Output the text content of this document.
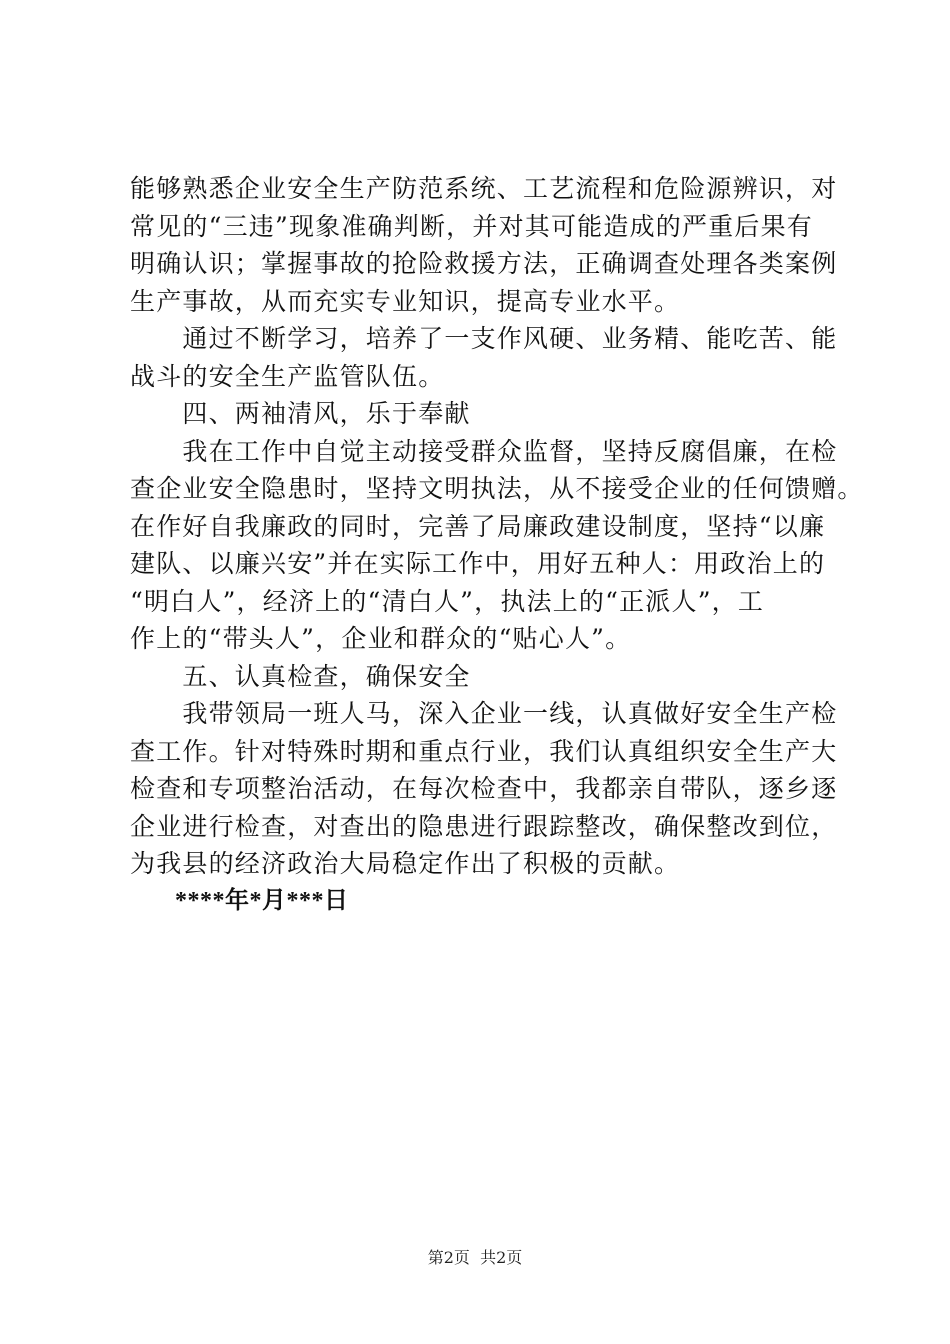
能够熟悉企业安全生产防范系统、工艺流程和危险源辨识，对
常见的“三违”现象准确判断，并对其可能造成的严重后果有
明确认识；掌握事故的抢险救援方法，正确调查处理各类案例
生产事故，从而充实专业知识，提高专业水平。
　　通过不断学习，培养了一支作风硬、业务精、能吃苦、能
战斗的安全生产监管队伍。
　　四、两袖清风，乐于奉献
　　我在工作中自觉主动接受群众监督，坚持反腐倡廉，在检
查企业安全隐患时，坚持文明执法，从不接受企业的任何馈赠。
在作好自我廉政的同时，完善了局廉政建设制度，坚持“以廉
建队、以廉兴安”并在实际工作中，用好五种人：用政治上的
“明白人”，经济上的“清白人”，执法上的“正派人”，工
作上的“带头人”，企业和群众的“贴心人”。
　　五、认真检查，确保安全
　　我带领局一班人马，深入企业一线，认真做好安全生产检
查工作。针对特殊时期和重点行业，我们认真组织安全生产大
检查和专项整治活动，在每次检查中，我都亲自带队，逐乡逐
企业进行检查，对查出的隐患进行跟踪整改，确保整改到位，
为我县的经济政治大局稳定作出了积极的贡献。
****年*月***日
第2页  共2页
